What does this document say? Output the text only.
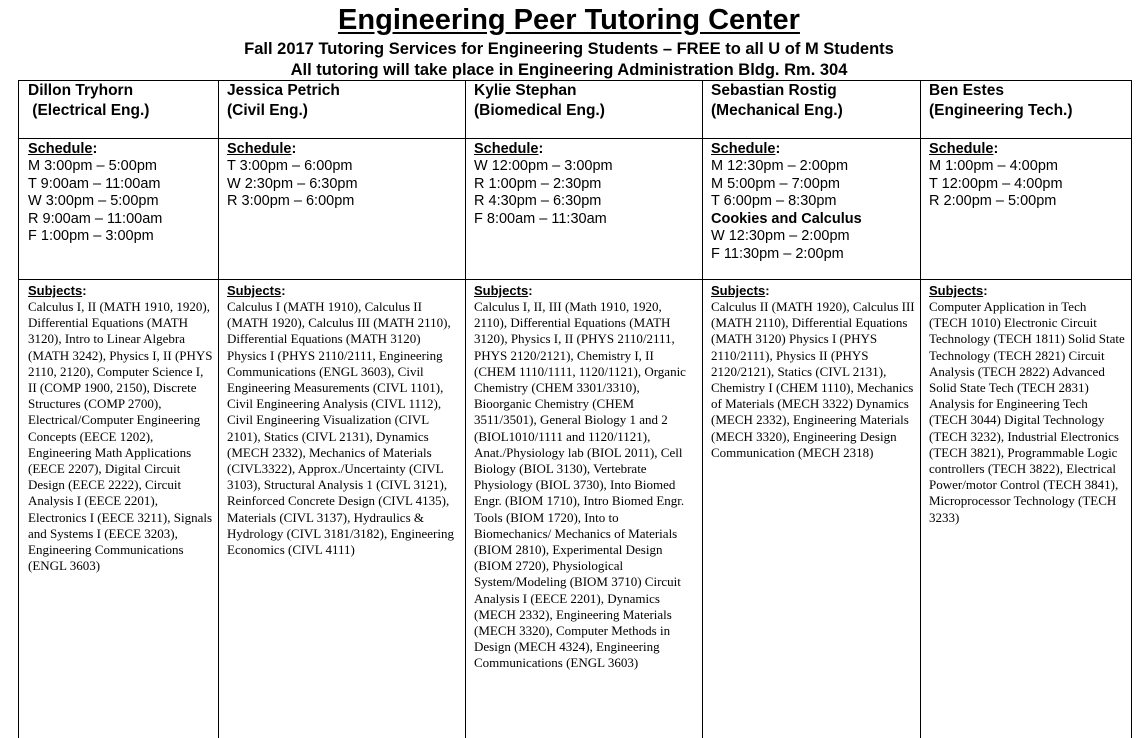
Engineering Peer Tutoring Center
Fall 2017 Tutoring Services for Engineering Students – FREE to all U of M Students
All tutoring will take place in Engineering Administration Bldg. Rm. 304
Dillon Tryhorn
(Electrical Eng.)
Schedule:
M 3:00pm – 5:00pm
T 9:00am – 11:00am
W 3:00pm – 5:00pm
R 9:00am – 11:00am
F 1:00pm – 3:00pm
Subjects:
Calculus I, II (MATH 1910, 1920), Differential Equations (MATH 3120), Intro to Linear Algebra (MATH 3242), Physics I, II (PHYS 2110, 2120), Computer Science I, II (COMP 1900, 2150), Discrete Structures (COMP 2700), Electrical/Computer Engineering Concepts (EECE 1202), Engineering Math Applications (EECE 2207), Digital Circuit Design (EECE 2222), Circuit Analysis I (EECE 2201), Electronics I (EECE 3211), Signals and Systems I (EECE 3203), Engineering Communications (ENGL 3603)
Jessica Petrich
(Civil Eng.)
Schedule:
T 3:00pm – 6:00pm
W 2:30pm – 6:30pm
R 3:00pm – 6:00pm
Subjects:
Calculus I (MATH 1910), Calculus II (MATH 1920), Calculus III (MATH 2110), Differential Equations (MATH 3120) Physics I (PHYS 2110/2111, Engineering Communications (ENGL 3603), Civil Engineering Measurements (CIVL 1101), Civil Engineering Analysis (CIVL 1112), Civil Engineering Visualization (CIVL 2101), Statics (CIVL 2131), Dynamics (MECH 2332), Mechanics of Materials (CIVL3322), Approx./Uncertainty (CIVL 3103), Structural Analysis 1 (CIVL 3121), Reinforced Concrete Design (CIVL 4135), Materials (CIVL 3137), Hydraulics & Hydrology (CIVL 3181/3182), Engineering Economics (CIVL 4111)
Kylie Stephan
(Biomedical Eng.)
Schedule:
W 12:00pm – 3:00pm
R 1:00pm – 2:30pm
R 4:30pm – 6:30pm
F 8:00am – 11:30am
Subjects:
Calculus I, II, III (Math 1910, 1920, 2110), Differential Equations (MATH 3120), Physics I, II (PHYS 2110/2111, PHYS 2120/2121), Chemistry I, II (CHEM 1110/1111, 1120/1121), Organic Chemistry (CHEM 3301/3310), Bioorganic Chemistry (CHEM 3511/3501), General Biology 1 and 2 (BIOL1010/1111 and 1120/1121), Anat./Physiology lab (BIOL 2011), Cell Biology (BIOL 3130), Vertebrate Physiology (BIOL 3730), Into Biomed Engr. (BIOM 1710), Intro Biomed Engr. Tools (BIOM 1720), Into to Biomechanics/ Mechanics of Materials (BIOM 2810), Experimental Design (BIOM 2720), Physiological System/Modeling (BIOM 3710) Circuit Analysis I (EECE 2201), Dynamics (MECH 2332), Engineering Materials (MECH 3320), Computer Methods in Design (MECH 4324), Engineering Communications (ENGL 3603)
Sebastian Rostig
(Mechanical Eng.)
Schedule:
M 12:30pm – 2:00pm
M 5:00pm – 7:00pm
T 6:00pm – 8:30pm
Cookies and Calculus
W 12:30pm – 2:00pm
F 11:30pm – 2:00pm
Subjects:
Calculus II (MATH 1920), Calculus III (MATH 2110), Differential Equations (MATH 3120) Physics I (PHYS 2110/2111), Physics II (PHYS 2120/2121), Statics (CIVL 2131), Chemistry I (CHEM 1110), Mechanics of Materials (MECH 3322) Dynamics (MECH 2332), Engineering Materials (MECH 3320), Engineering Design Communication (MECH 2318)
Ben Estes
(Engineering Tech.)
Schedule:
M 1:00pm – 4:00pm
T 12:00pm – 4:00pm
R 2:00pm – 5:00pm
Subjects:
Computer Application in Tech (TECH 1010) Electronic Circuit Technology (TECH 1811) Solid State Technology (TECH 2821) Circuit Analysis (TECH 2822) Advanced Solid State Tech (TECH 2831) Analysis for Engineering Tech (TECH 3044) Digital Technology (TECH 3232), Industrial Electronics (TECH 3821), Programmable Logic controllers (TECH 3822), Electrical Power/motor Control (TECH 3841), Microprocessor Technology (TECH 3233)
